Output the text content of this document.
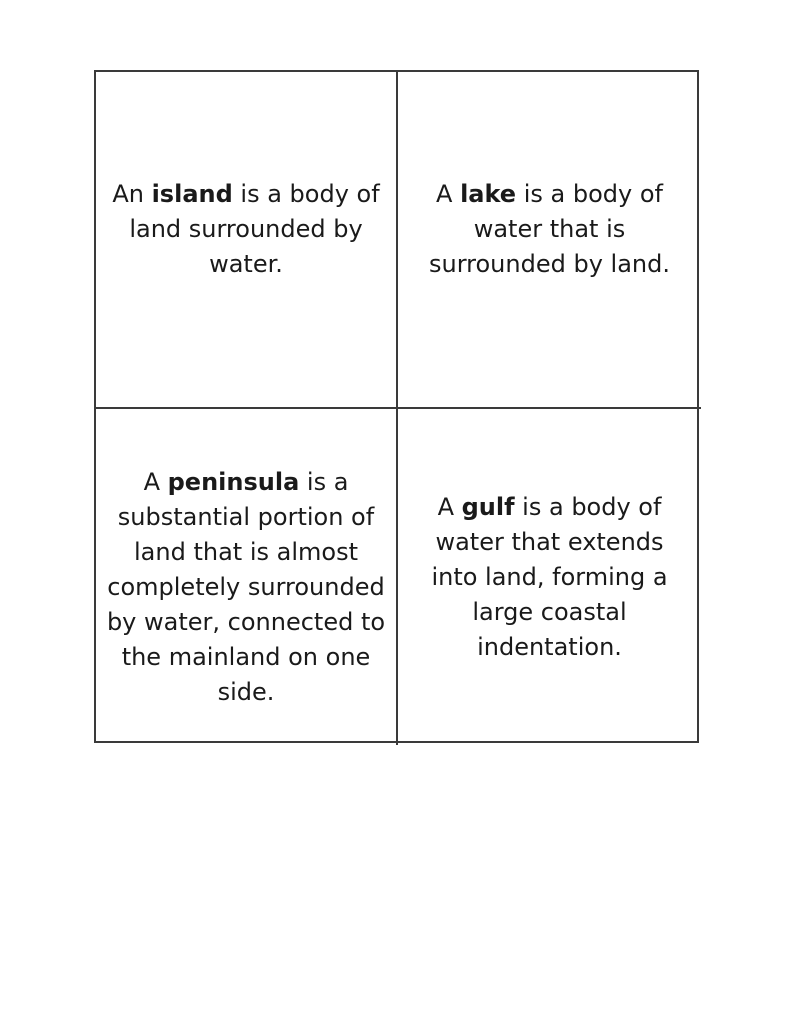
An island is a body of land surrounded by water.

A lake is a body of water that is surrounded by land.

A peninsula is a substantial portion of land that is almost completely surrounded by water, connected to the mainland on one side.

A gulf is a body of water that extends into land, forming a large coastal indentation.
